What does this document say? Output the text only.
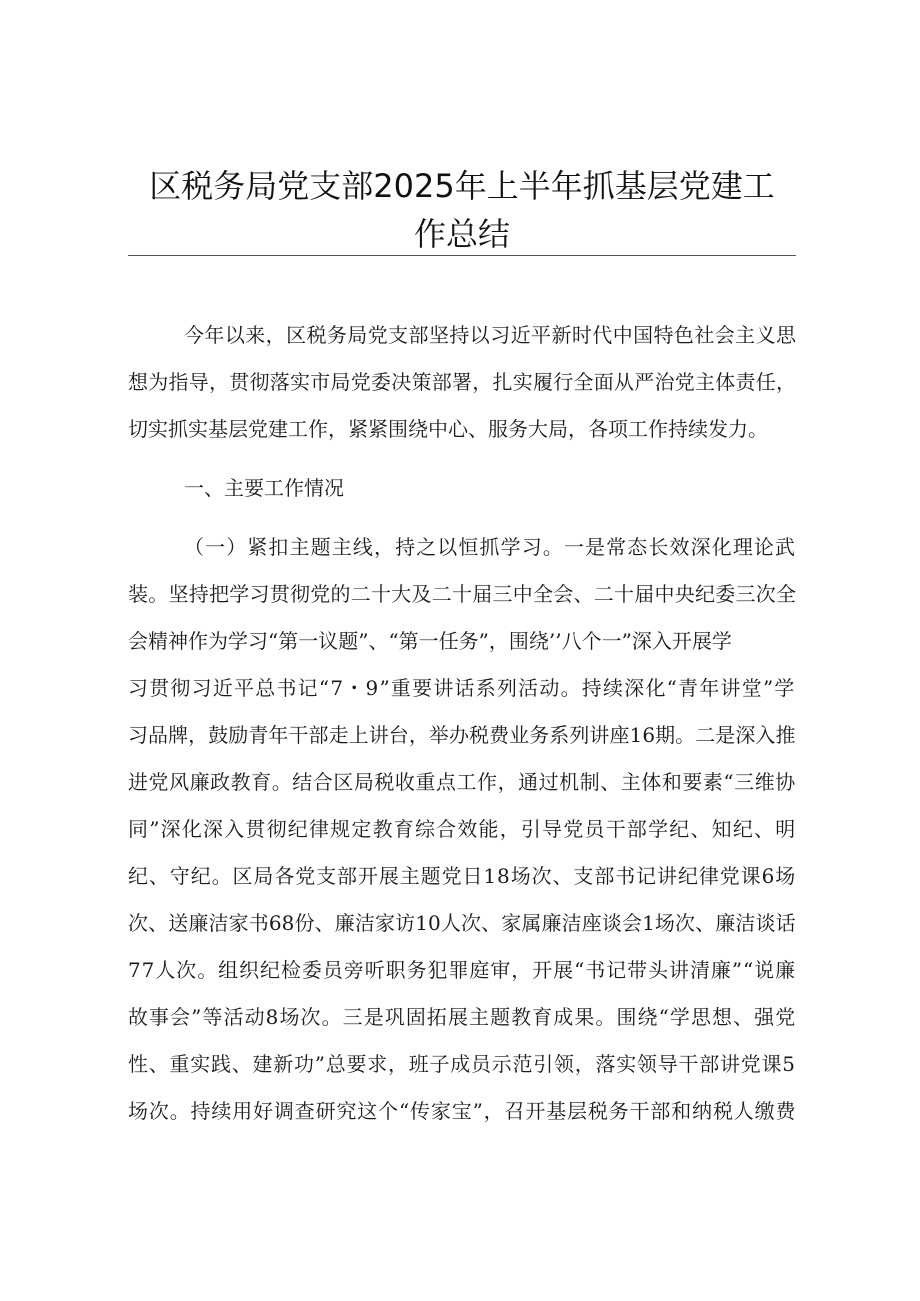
区税务局党支部2025年上半年抓基层党建工
作总结
今年以来，区税务局党支部坚持以习近平新时代中国特色社会主义思
想为指导，贯彻落实市局党委决策部署，扎实履行全面从严治党主体责任，
切实抓实基层党建工作，紧紧围绕中心、服务大局，各项工作持续发力。
一、主要工作情况
（一）紧扣主题主线，持之以恒抓学习。一是常态长效深化理论武
装。坚持把学习贯彻党的二十大及二十届三中全会、二十届中央纪委三次全
会精神作为学习“第一议题”、“第一任务”，围绕’’八个一”深入开展学
习贯彻习近平总书记“7・9”重要讲话系列活动。持续深化“青年讲堂”学
习品牌，鼓励青年干部走上讲台，举办税费业务系列讲座16期。二是深入推
进党风廉政教育。结合区局税收重点工作，通过机制、主体和要素“三维协
同”深化深入贯彻纪律规定教育综合效能，引导党员干部学纪、知纪、明
纪、守纪。区局各党支部开展主题党日18场次、支部书记讲纪律党课6场
次、送廉洁家书68份、廉洁家访10人次、家属廉洁座谈会1场次、廉洁谈话
77人次。组织纪检委员旁听职务犯罪庭审，开展“书记带头讲清廉”“说廉
故事会”等活动8场次。三是巩固拓展主题教育成果。围绕“学思想、强党
性、重实践、建新功”总要求，班子成员示范引领，落实领导干部讲党课5
场次。持续用好调查研究这个“传家宝”，召开基层税务干部和纳税人缴费
